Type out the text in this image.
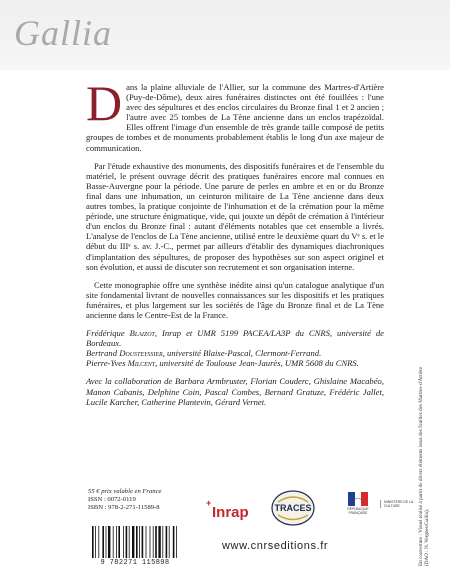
Gallia

Dans la plaine alluviale de l'Allier, sur la commune des Martres-d'Artière (Puy-de-Dôme), deux aires funéraires distinctes ont été fouillées : l'une avec des sépultures et des enclos circulaires du Bronze final 1 et 2 ancien ; l'autre avec 25 tombes de La Tène ancienne dans un enclos trapézoïdal. Elles offrent l'image d'un ensemble de très grande taille composé de petits groupes de tombes et de monuments probablement établis le long d'un axe majeur de communication.

Par l'étude exhaustive des monuments, des dispositifs funéraires et de l'ensemble du matériel, le présent ouvrage décrit des pratiques funéraires encore mal connues en Basse-Auvergne pour la période. Une parure de perles en ambre et en or du Bronze final dans une inhumation, un ceinturon militaire de La Tène ancienne dans deux autres tombes, la pratique conjointe de l'inhumation et de la crémation pour la même période, une structure énigmatique, vide, qui jouxte un dépôt de crémation à l'intérieur d'un enclos du Bronze final : autant d'éléments notables que cet ensemble a livrés. L'analyse de l'enclos de La Tène ancienne, utilisé entre le deuxième quart du Vᵉ s. et le début du IIIᵉ s. av. J.-C., permet par ailleurs d'établir des dynamiques diachroniques d'implantation des sépultures, de proposer des hypothèses sur son aspect originel et son évolution, et aussi de discuter son recrutement et son organisation interne.

Cette monographie offre une synthèse inédite ainsi qu'un catalogue analytique d'un site fondamental livrant de nouvelles connaissances sur les dispositifs et les pratiques funéraires, et plus largement sur les sociétés de l'âge du Bronze final et de La Tène ancienne dans le Centre-Est de la France.

Frédérique Blaizot, Inrap et UMR 5199 PACEA/LA3P du CNRS, université de Bordeaux.
Bertrand Dousteyssier, université Blaise-Pascal, Clermont-Ferrand.
Pierre-Yves Milcent, université de Toulouse Jean-Jaurès, UMR 5608 du CNRS.

Avec la collaboration de Barbara Armbruster, Florian Couderc, Ghislaine Macabéo, Manon Cabanis, Delphine Coin, Pascal Combes, Bernard Gratuze, Frédéric Jallet, Lucile Karcher, Catherine Plantevin, Gérard Vernet.

55 € prix valable en France
ISSN : 0072-0119
ISBN : 978-2-271-11589-8
9 782271 115898
+
Inrap	TRACES	RÉPUBLIQUE FRANÇAISE
MINISTÈRE DE LA CULTURE
www.cnrseditions.fr	En couverture : Visuel réalisé à partir de divers éléments issus des fouilles des Martres-d'Artière (DAO : N. Vergnes/Gallia).
